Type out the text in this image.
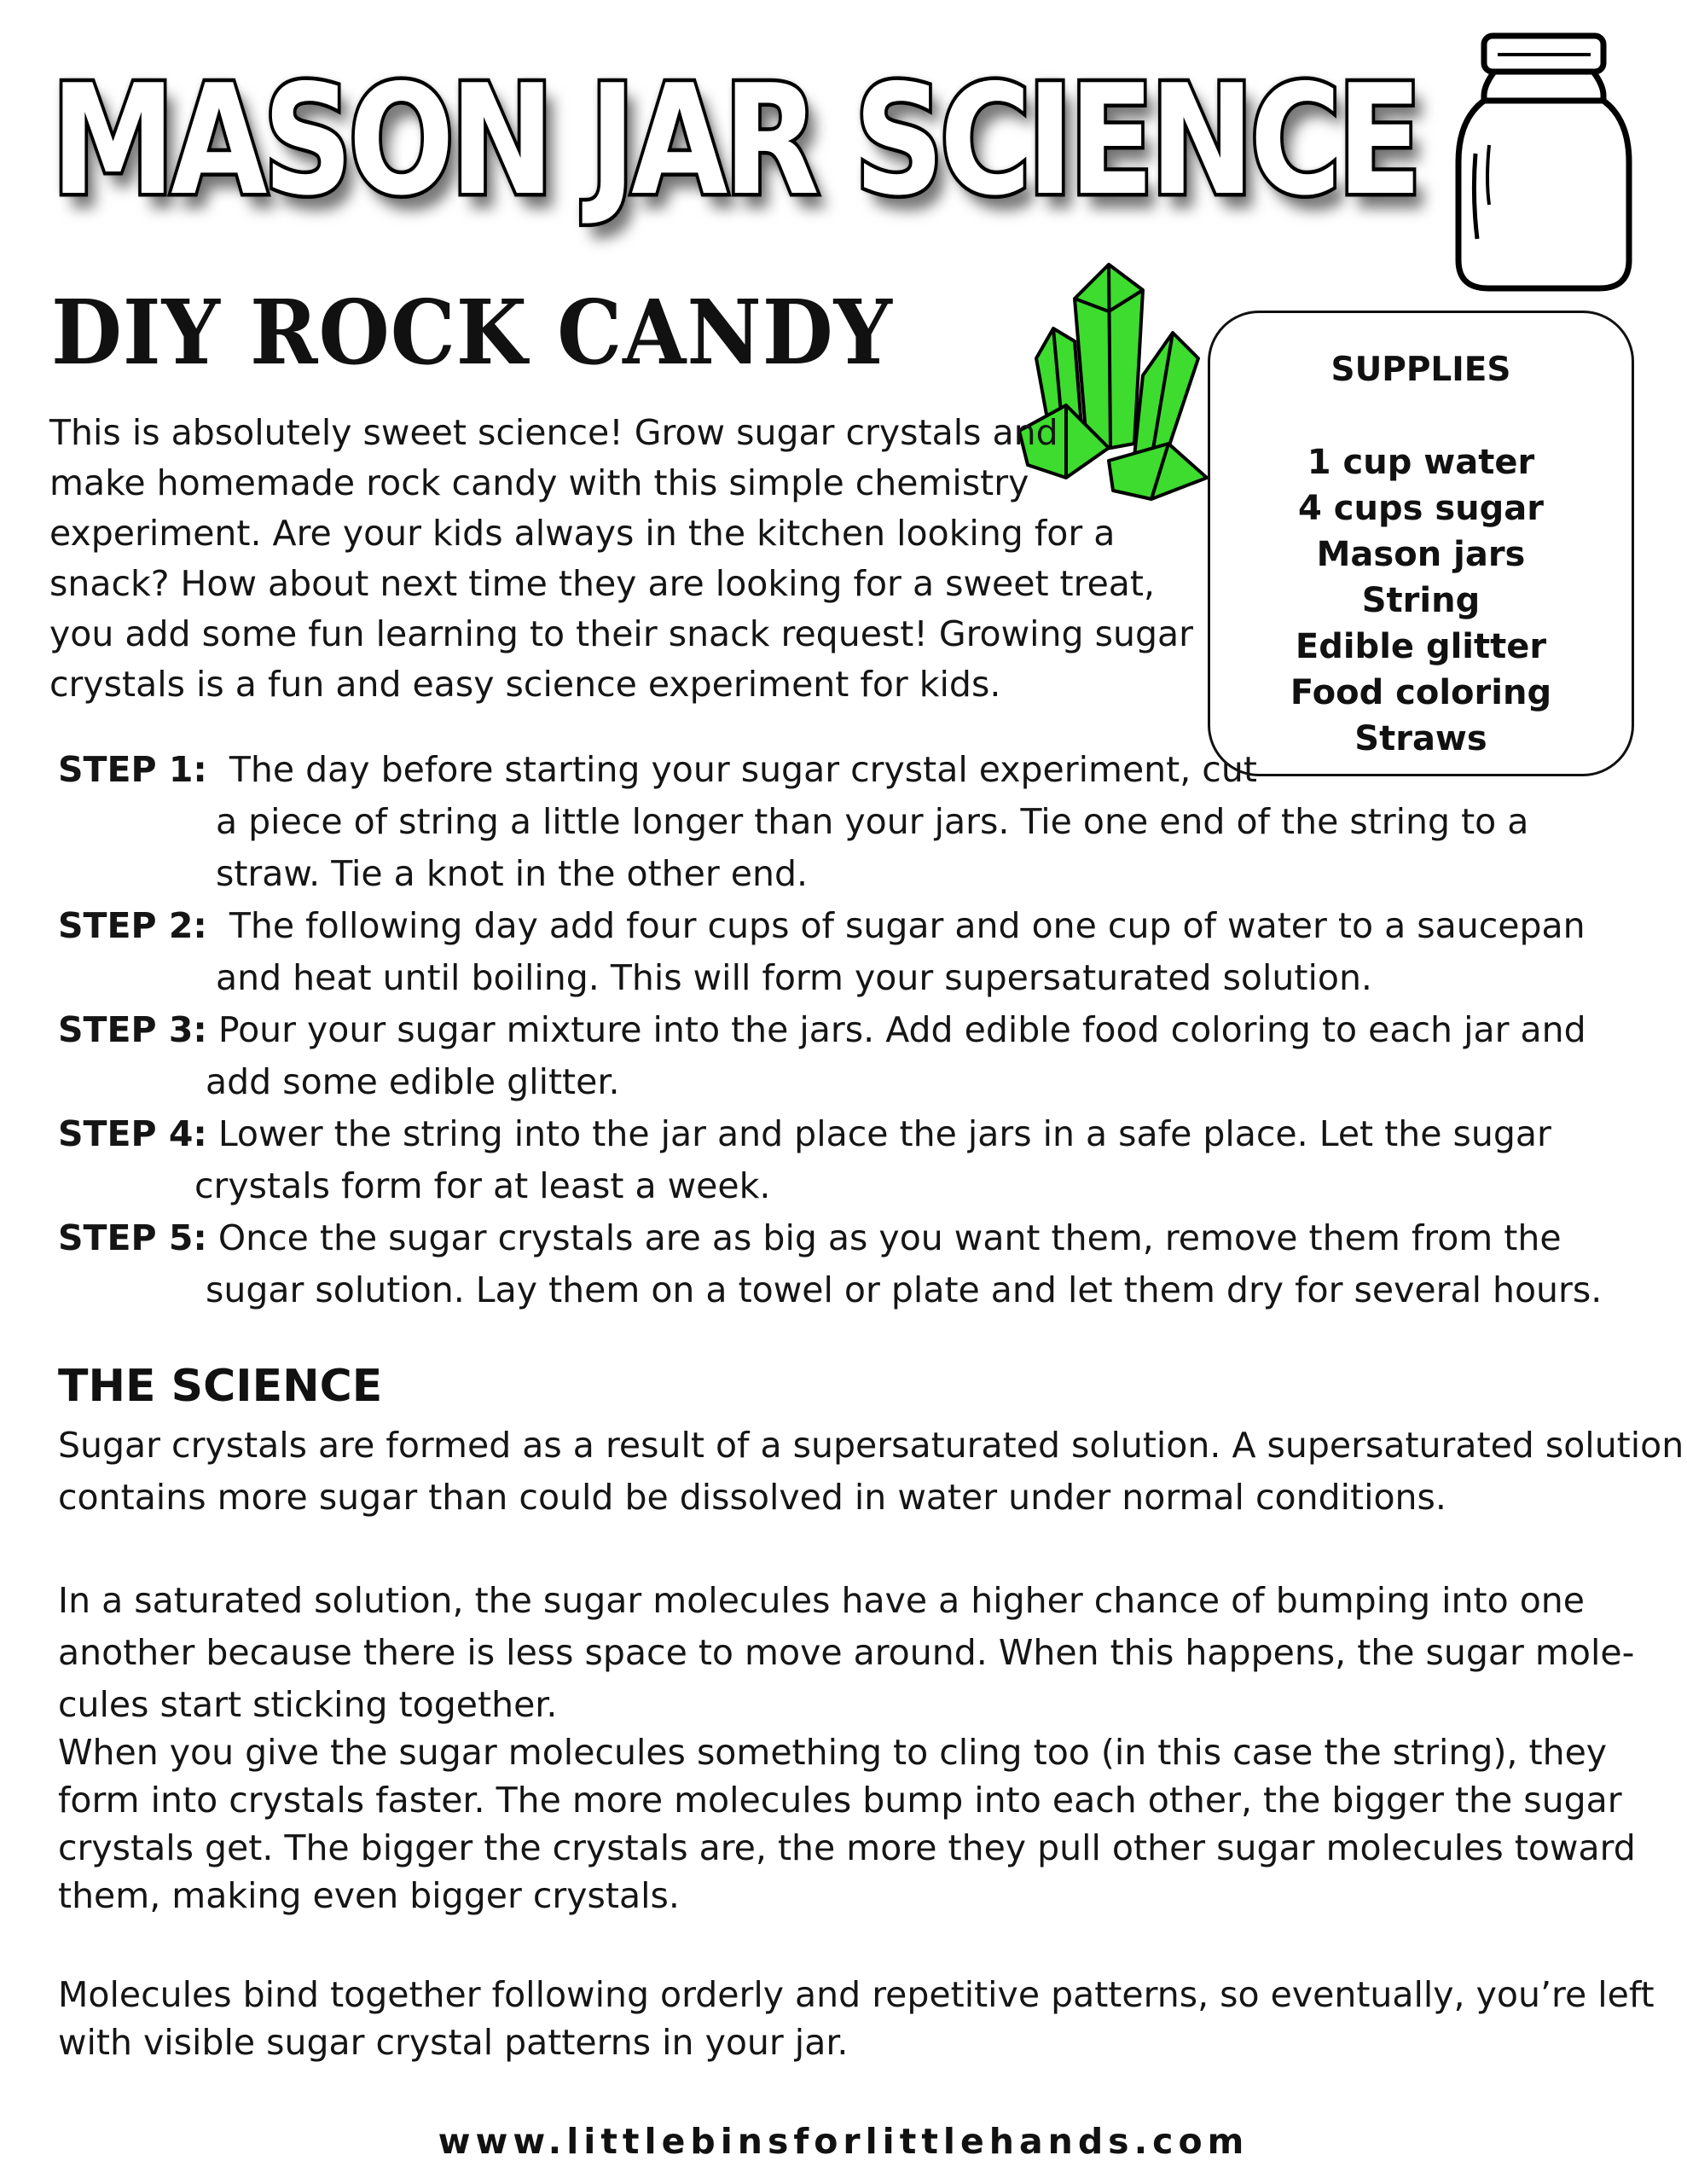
MASON JAR SCIENCE
DIY ROCK CANDY
This is absolutely sweet science! Grow sugar crystals and
make homemade rock candy with this simple chemistry
experiment. Are your kids always in the kitchen looking for a
snack? How about next time they are looking for a sweet treat,
you add some fun learning to their snack request! Growing sugar
crystals is a fun and easy science experiment for kids.
SUPPLIES
1 cup water
4 cups sugar
Mason jars
String
Edible glitter
Food coloring
Straws
STEP 1: The day before starting your sugar crystal experiment, cut
a piece of string a little longer than your jars. Tie one end of the string to a
straw. Tie a knot in the other end.
STEP 2: The following day add four cups of sugar and one cup of water to a saucepan
and heat until boiling. This will form your supersaturated solution.
STEP 3: Pour your sugar mixture into the jars. Add edible food coloring to each jar and
add some edible glitter.
STEP 4: Lower the string into the jar and place the jars in a safe place. Let the sugar
crystals form for at least a week.
STEP 5: Once the sugar crystals are as big as you want them, remove them from the
sugar solution. Lay them on a towel or plate and let them dry for several hours.
THE SCIENCE
Sugar crystals are formed as a result of a supersaturated solution. A supersaturated solution
contains more sugar than could be dissolved in water under normal conditions.
In a saturated solution, the sugar molecules have a higher chance of bumping into one
another because there is less space to move around. When this happens, the sugar mole-
cules start sticking together.
When you give the sugar molecules something to cling too (in this case the string), they
form into crystals faster. The more molecules bump into each other, the bigger the sugar
crystals get. The bigger the crystals are, the more they pull other sugar molecules toward
them, making even bigger crystals.
Molecules bind together following orderly and repetitive patterns, so eventually, you’re left
with visible sugar crystal patterns in your jar.
www.littlebinsforlittlehands.com
